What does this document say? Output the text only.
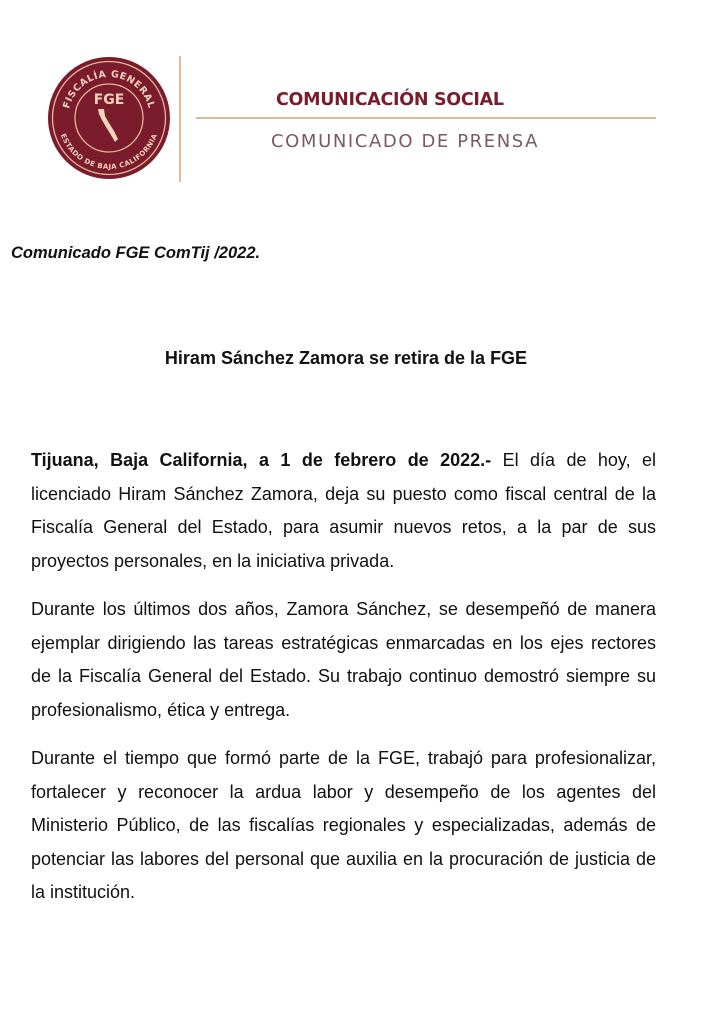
FISCALÍA GENERAL
ESTADO DE BAJA CALIFORNIA
FGE	COMUNICACIÓN SOCIAL
COMUNICADO DE PRENSA

Comunicado FGE ComTij /2022.

Hiram Sánchez Zamora se retira de la FGE

Tijuana, Baja California, a 1 de febrero de 2022.- El día de hoy, el licenciado Hiram Sánchez Zamora, deja su puesto como fiscal central de la Fiscalía General del Estado, para asumir nuevos retos, a la par de sus proyectos personales, en la iniciativa privada.

Durante los últimos dos años, Zamora Sánchez, se desempeñó de manera ejemplar dirigiendo las tareas estratégicas enmarcadas en los ejes rectores de la Fiscalía General del Estado. Su trabajo continuo demostró siempre su profesionalismo, ética y entrega.

Durante el tiempo que formó parte de la FGE, trabajó para profesionalizar, fortalecer y reconocer la ardua labor y desempeño de los agentes del Ministerio Público, de las fiscalías regionales y especializadas, además de potenciar las labores del personal que auxilia en la procuración de justicia de la institución.
